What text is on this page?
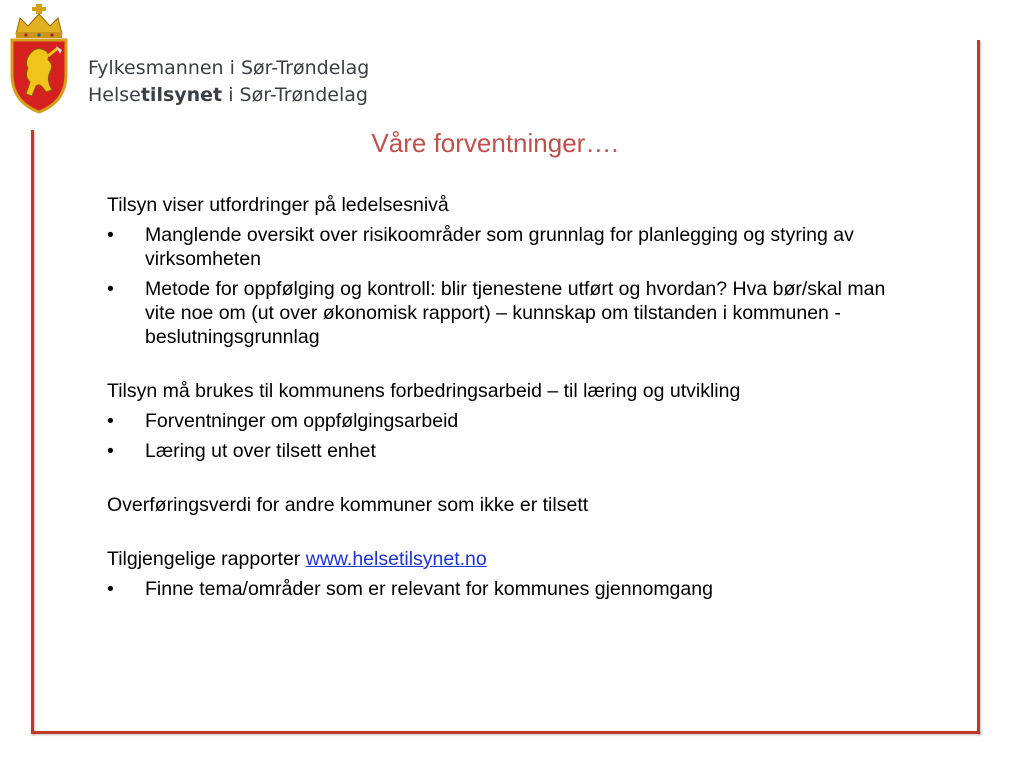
Fylkesmannen i Sør-Trøndelag
Helsetilsynet i Sør-Trøndelag
Våre forventninger….

Tilsyn viser utfordringer på ledelsesnivå

• Manglende oversikt over risikoområder som grunnlag for planlegging og styring av virksomheten
• Metode for oppfølging og kontroll: blir tjenestene utført og hvordan? Hva bør/skal man vite noe om (ut over økonomisk rapport) – kunnskap om tilstanden i kommunen - beslutningsgrunnlag

Tilsyn må brukes til kommunens forbedringsarbeid – til læring og utvikling

• Forventninger om oppfølgingsarbeid
• Læring ut over tilsett enhet

Overføringsverdi for andre kommuner som ikke er tilsett

Tilgjengelige rapporter www.helsetilsynet.no

• Finne tema/områder som er relevant for kommunes gjennomgang
